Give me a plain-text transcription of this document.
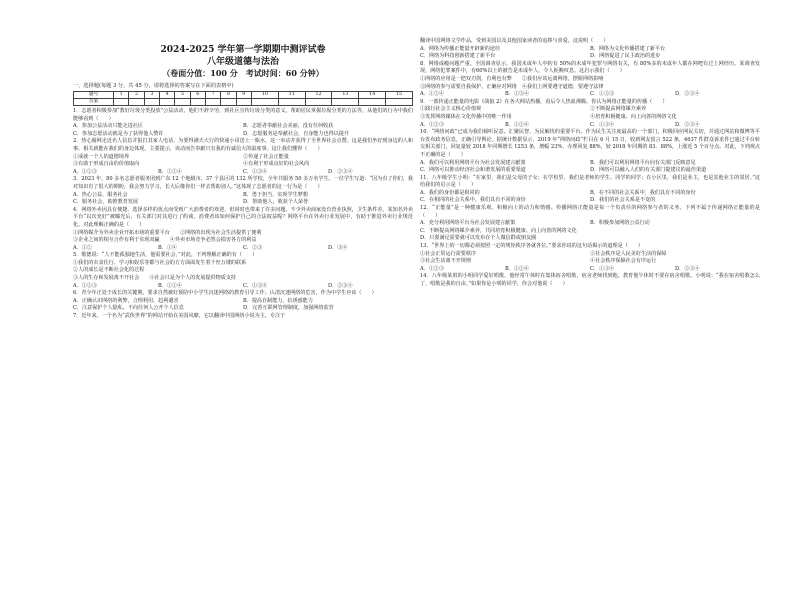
2024-2025 学年第一学期期中测评试卷
八年级道德与法治
（卷面分值：100 分　考试时间：60 分钟）
一、选择题(每题 3 分，共 45 分，请将选择的答案写在下面的表格中)
题号	1	2	3	4	5	6	7	8	9	10	11	12	13	14	15
答案															

1．志愿者积极参加“教好垃圾分类投放”公益活动，他们不辞辛劳，到社区宣传垃圾分类的意义，帮助居民掌握垃圾分类的方法等。从他们的行为中我们能够看到（　　）

A．参加公益活动只能走进社区	B．志愿者奉献社会美丽，没有任何收获
C．参加志愿活动就是为了获得他人赞许	D．志愿服务是奉献社会，自身能力也得以提升

2．热心肠网走近名人信息并报打其家人电话，为要得满天大行的快递小哥送上一瓶水，这一举动并获得了全世界社会点赞。这是我们坐好到身边的人和事。相关就能在我们的身边体现。主要提示，该动而告奉献只有我的有诚信大的温度事。这让我们懂得（　　）

①成就一个人的道德境界	②传递了社会正能量
③有助于形成自由的价值取向	④有利于形成良好的社会风尚
A．①②③	B．①②④	C．①③④	D．②③④

3．2023 年，80 多名志愿者服务团到广东 12 个地级市、37 个县区的 132 所学校，全年共服务 50 多万名学生。一位学生写道：“因为有了你们，我对知识有了很大的期盼，我会努力学习，长大后像你们一样去帮助别人。”这体现了志愿者的这一行为是（　　）

A．热心公益，服务社会	B．勇于担当，实现学生梦想
C．服务社会，助推教育发展	D．帮助他人，收获个人荣誉

4．网络外卖因具有便捷、选择多样的优点而受到广大消费者的欢迎，但同时也带来了许多问题。不少外卖商家没有营业执照，卫生条件差。某知名外卖平台“以次充好”被曝光后，有关部门对其进行了约谈。消费者该如何保护自己的合法权益呢？网络平台在外卖行业发展中，有助于推进外卖行业规范化。对此理解正确的是（　　）

①网络媒介为外卖企业开拓市场的重要平台　　②网络的出现为社会生活提供了便利
③企业之间的相互合作有利于实现双赢　　④外卖市场竞争必然会损害各方的利益
A．①②	B．①④	C．②③	D．③④

5．歌德说：“人不能孤独地生活，他需要社会。”对此，下列理解正确的有（　　）

①我们的衣食住行、学习和娱乐等都与社会的方方面面发生着千丝万缕的联系
②人的成长是不断社会化的过程
③人的生存和发展离不开社会　　④社会只是为个人的发展提供物质支持
A．①②③	B．①②④	C．①③④	D．②③④

6．青少年正处于成长的关键期，要求自然被好预防中小学生沉迷网络的教育引导工作。认清沉迷网络的危害，作为中学生应该（　　）

A．正确认识网络的利弊，合理利用，趋利避害	B．提高自制能力，抗诱惑能力
C．注意保护个人隐私，不向任何人公开个人信息	D．完善互联网管理制度，加强网络监管

7．近年来，一个名为“武侠世界”的网站开始在美国风靡，它以翻译中国网络小说为主，专注于

翻译中国网络文学作品，受到美国以及其他国家读者的追捧与喜爱，这说明（　　）

A．网络为传播正能量开辟新的途径	B．网络为文化传播搭建了新平台
C．网络为科技创新搭建了新平台	D．网络促进了民主政治的进步

8．网络成瘾问题严重。全国调查显示，我国未成年人中约有 50%的未成年犯罪与网络有关，有 80%多的未成年人都在网吧有过上网经历。某调查发现，网络犯罪案件中，有60%以上的被告是未成年人，令人扼腕叹息。这启示我们（　　）

①网络的应用是一把双刃剑，有利也有弊　　②我们应该远离网络，摆脱网络影响
③网络的参与需要自我保护、正确应对网络　④我们上网要遵守道德，要遵守法律
A．①②④	B．①③④	C．①②③	D．②③④

9．一部传递正能量的电影《战狼 2》在各大网站热播，看后令人热血沸腾。你认为网络正能量的传播（　　）

①践行社会主义核心价值观	②不断提高网络媒介素养
③发挥网络媒体在文化传播中的唯一作用	④培育积极健康、向上向善的网络文化
A．①②③	B．①②④	C．①③④	D．②③④

10．“网络问政”已成为我们倾听民意、汇聚民智、为民解忧的重要平台。作为民生关注度最高的一个部门，积极回应网民关切，并通过网站和微博等平台发布政务信息，正确引导舆论。据统计数据显示，2019 年“网络问政”栏目在 6 月 15 日，收到网友留言 522 条，4637 件群众诉求件已通过平台转交相关部门，回复量较 2018 年同期增长 1253 条，增幅 23%，办理回复 88%，较 2018 年同期的 83．88%，上涨近 5 个百分点。对此，下列观点不正确的是（　　）

A．我们可以利用网络平台为社会发展建言献策	B．我们可以利用网络平台向有关部门反映意见
C．网络可以推动经济社会和谐发展的重要渠道	D．网络可以融入人们的有关部门提建议的最佳渠道

11．八年级学生小明：“在家里，我们是父母的子女；在学校里，我们是老师的学生、同学的同学；在小区里，我们是业主，也是其他业主的邻居。”这给我们的启示是（　　）

A．我们的身份都是相同的	B．在不同的社会关系中，我们具有不同的身份
C．在相同的社会关系中，我们具有不同的身份	D．我们的社会关系是不变的

12．“正能量”是一种健康乐观、积极向上的动力和情感。传播网络正能量是每一个负责任的网络参与者的义务。下列不属于传递网络正能量的是（　　）

A．充分利用网络平台为社会发展建言献策	B．积极参加网络公益行动
C．不断提高网络媒介素养，共同培育积极健康、向上向善的网络文化
D．只要满足需要就可以发布在个人微信群或朋友圈

13．“世界上的一切都必须按照一定的规矩秩序各就各位。”要求你说的这句话揭示的道理是（　　）

①社会正常运行需要秩序	②社会秩序是人民美好生活的保障
③社会生活离不开规则	④社会秩序保障社会有序运行
A．①②③	B．①②④	C．①③④	D．②③④

14．八年级某班的小明同学爱好唱歌，他经常午休时在集体宿舍唱歌，宿舍老师找到他，教育他午休时不要在宿舍唱歌。小明说：“我在宿舍唱歌怎么了，唱歌是我的自由。”如果你是小明的同学，你会对他说（　　）
